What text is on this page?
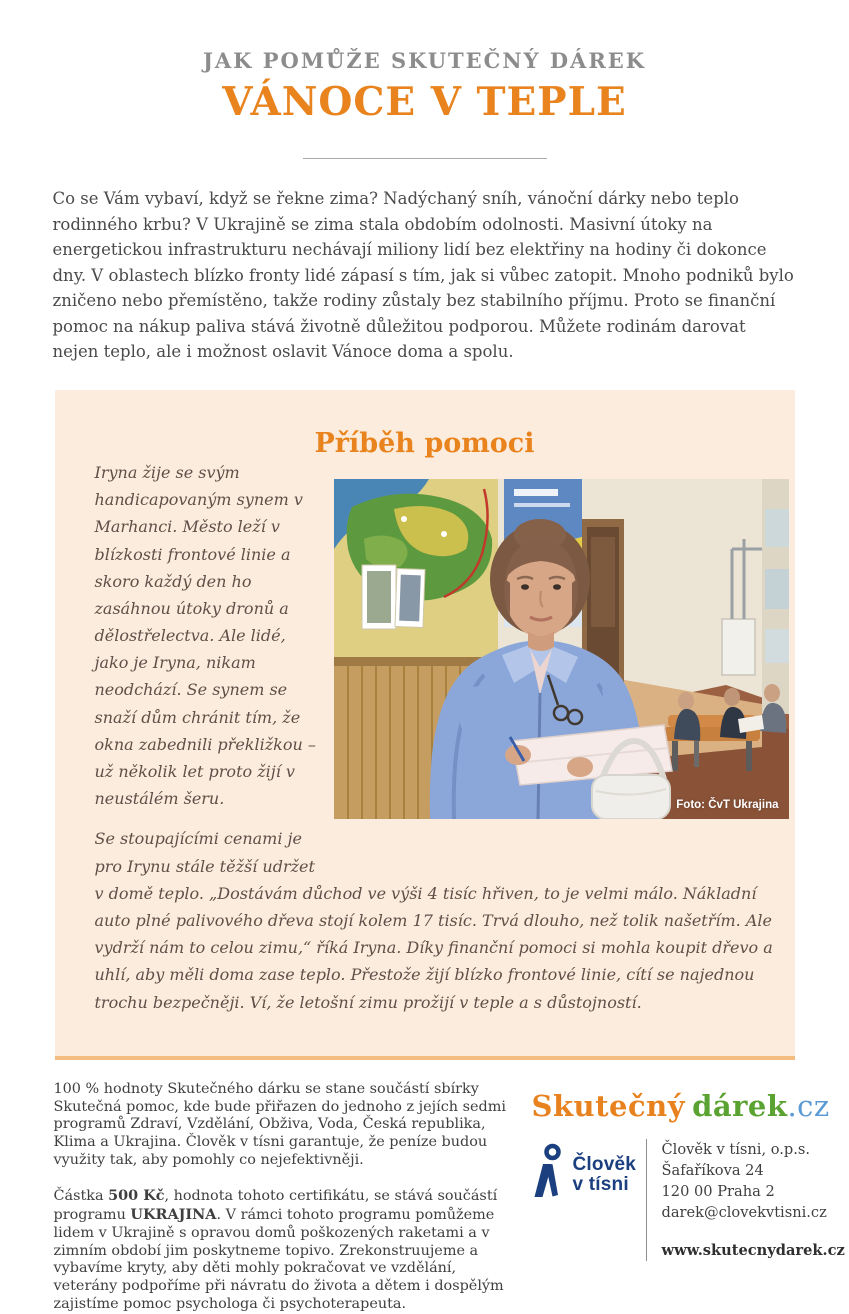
JAK POMŮŽE SKUTEČNÝ DÁREK
VÁNOCE V TEPLE

Co se Vám vybaví, když se řekne zima? Nadýchaný sníh, vánoční dárky nebo teplo rodinného krbu? V Ukrajině se zima stala obdobím odolnosti. Masivní útoky na energetickou infrastrukturu nechávají miliony lidí bez elektřiny na hodiny či dokonce dny. V oblastech blízko fronty lidé zápasí s tím, jak si vůbec zatopit. Mnoho podniků bylo zničeno nebo přemístěno, takže rodiny zůstaly bez stabilního příjmu. Proto se finanční pomoc na nákup paliva stává životně důležitou podporou. Můžete rodinám darovat nejen teplo, ale i možnost oslavit Vánoce doma a spolu.

Příběh pomoci
Foto: ČvT Ukrajina

Iryna žije se svým handicapovaným synem v Marhanci. Město leží v blízkosti frontové linie a skoro každý den ho zasáhnou útoky dronů a dělostřelectva. Ale lidé, jako je Iryna, nikam neodchází. Se synem se snaží dům chránit tím, že okna zabednili překližkou – už několik let proto žijí v neustálém šeru.

Se stoupajícími cenami je pro Irynu stále těžší udržet v domě teplo. „Dostávám důchod ve výši 4 tisíc hřiven, to je velmi málo. Nákladní auto plné palivového dřeva stojí kolem 17 tisíc. Trvá dlouho, než tolik našetřím. Ale vydrží nám to celou zimu,“ říká Iryna. Díky finanční pomoci si mohla koupit dřevo a uhlí, aby měli doma zase teplo. Přestože žijí blízko frontové linie, cítí se najednou trochu bezpečněji. Ví, že letošní zimu prožijí v teple a s důstojností.

100 % hodnoty Skutečného dárku se stane součástí sbírky Skutečná pomoc, kde bude přiřazen do jednoho z jejích sedmi programů Zdraví, Vzdělání, Obživa, Voda, Česká republika, Klima a Ukrajina. Člověk v tísni garantuje, že peníze budou využity tak, aby pomohly co nejefektivněji.

Částka 500 Kč, hodnota tohoto certifikátu, se stává součástí programu UKRAJINA. V rámci tohoto programu pomůžeme lidem v Ukrajině s opravou domů poškozených raketami a v zimním období jim poskytneme topivo. Zrekonstruujeme a vybavíme kryty, aby děti mohly pokračovat ve vzdělání, veterány podpoříme při návratu do života a dětem i dospělým zajistíme pomoc psychologa či psychoterapeuta.

Skutečný dárek.cz
Člověk
v tísni
Člověk v tísni, o.p.s.
Šafaříkova 24
120 00 Praha 2
darek@clovekvtisni.cz
www.skutecnydarek.cz
